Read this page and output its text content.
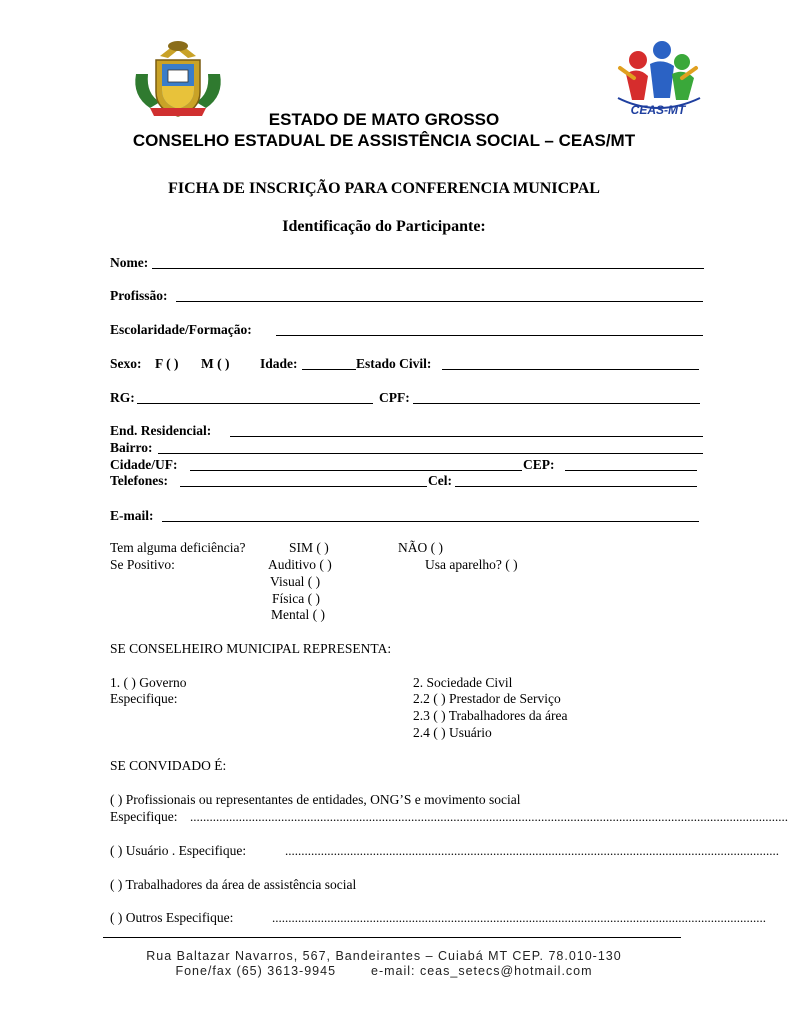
CEAS-MT
ESTADO DE MATO GROSSO
CONSELHO ESTADUAL DE ASSISTÊNCIA SOCIAL – CEAS/MT
FICHA DE INSCRIÇÃO PARA CONFERENCIA MUNICPAL
Identificação do Participante:
Nome:
Profissão:
Escolaridade/Formação:
Sexo: F ( ) M ( ) Idade:	Estado Civil:
RG:	CPF:
End. Residencial:
Bairro:
Cidade/UF:	CEP:
Telefones:	Cel:
E-mail:
Tem alguma deficiência?	SIM ( )	NÃO ( )
Se Positivo:	Auditivo ( )	Usa aparelho? ( )
Visual ( )
Física ( )
Mental ( )
SE CONSELHEIRO MUNICIPAL REPRESENTA:
1. ( ) Governo
Especifique:
2. Sociedade Civil
2.2 ( ) Prestador de Serviço
2.3 ( ) Trabalhadores da área
2.4 ( ) Usuário
SE CONVIDADO É:
( ) Profissionais ou representantes de entidades, ONG’S e movimento social
Especifique: ........................................................................................................................................................................................
( ) Usuário . Especifique:	........................................................................................................................................................
( ) Trabalhadores da área de assistência social
( ) Outros Especifique:	........................................................................................................................................................
Rua Baltazar Navarros, 567, Bandeirantes – Cuiabá MT CEP. 78.010-130
Fone/fax (65) 3613-9945	e-mail: ceas_setecs@hotmail.com
